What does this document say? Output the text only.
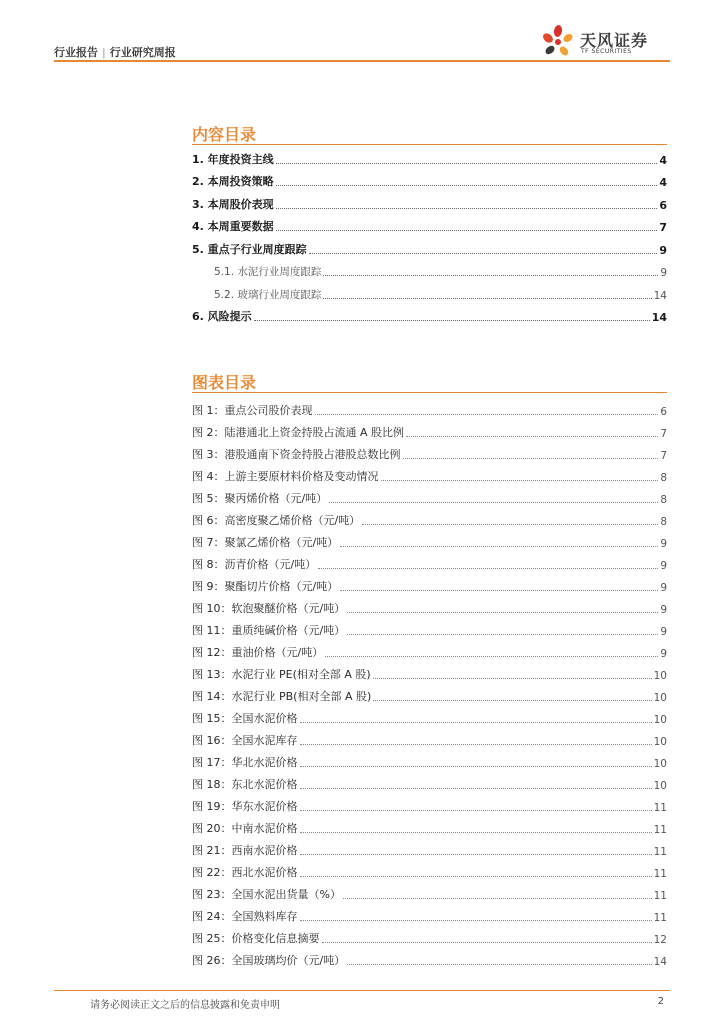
行业报告 | 行业研究周报
天风证券
TF SECURITIES
内容目录
1. 年度投资主线	4
2. 本周投资策略	4
3. 本周股价表现	6
4. 本周重要数据	7
5. 重点子行业周度跟踪	9
5.1. 水泥行业周度跟踪	9
5.2. 玻璃行业周度跟踪	14
6. 风险提示	14
图表目录
图 1：重点公司股价表现	6
图 2：陆港通北上资金持股占流通 A 股比例	7
图 3：港股通南下资金持股占港股总数比例	7
图 4：上游主要原材料价格及变动情况	8
图 5：聚丙烯价格（元/吨）	8
图 6：高密度聚乙烯价格（元/吨）	8
图 7：聚氯乙烯价格（元/吨）	9
图 8：沥青价格（元/吨）	9
图 9：聚酯切片价格（元/吨）	9
图 10：软泡聚醚价格（元/吨）	9
图 11：重质纯碱价格（元/吨）	9
图 12：重油价格（元/吨）	9
图 13：水泥行业 PE(相对全部 A 股)	10
图 14：水泥行业 PB(相对全部 A 股)	10
图 15：全国水泥价格	10
图 16：全国水泥库存	10
图 17：华北水泥价格	10
图 18：东北水泥价格	10
图 19：华东水泥价格	11
图 20：中南水泥价格	11
图 21：西南水泥价格	11
图 22：西北水泥价格	11
图 23：全国水泥出货量（%）	11
图 24：全国熟料库存	11
图 25：价格变化信息摘要	12
图 26：全国玻璃均价（元/吨）	14
请务必阅读正文之后的信息披露和免责申明	2
